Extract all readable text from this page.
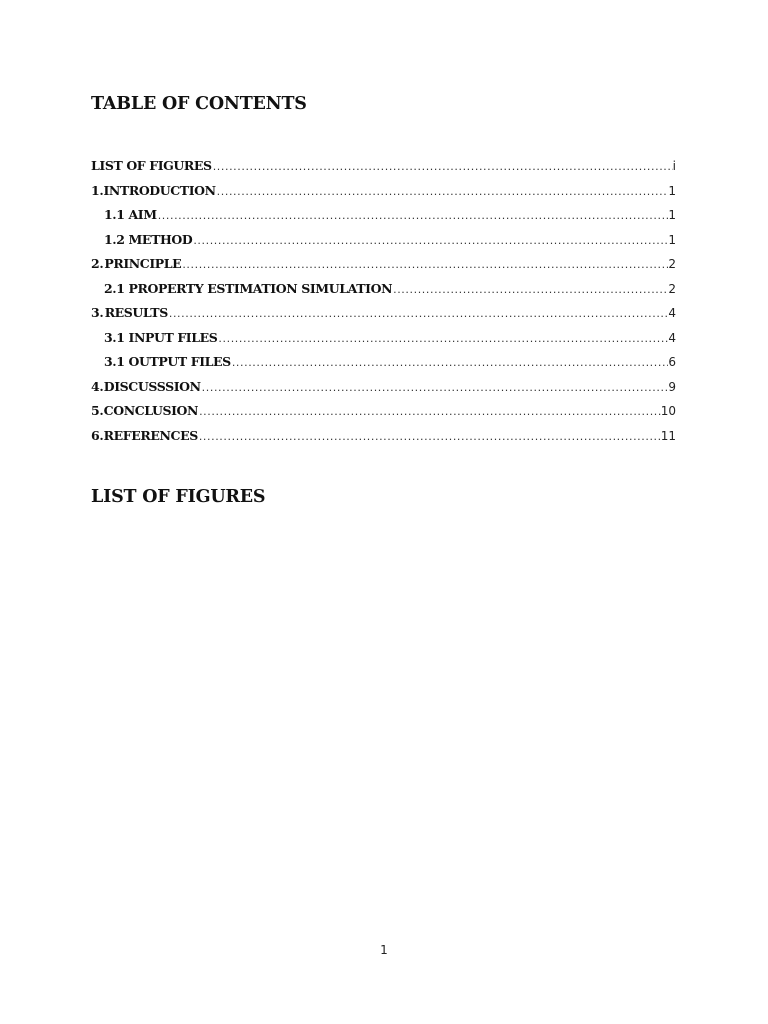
TABLE OF CONTENTS
LIST OF FIGURES .....	i
1. INTRODUCTION .....	1
1.1 AIM .....	1
1.2 METHOD .....	1
2. PRINCIPLE .....	2
2.1 PROPERTY ESTIMATION SIMULATION .....	2
3. RESULTS .....	4
3.1 INPUT FILES .....	4
3.1 OUTPUT FILES .....	6
4. DISCUSSSION .....	9
5. CONCLUSION .....	10
6. REFERENCES .....	11
LIST OF FIGURES
1
